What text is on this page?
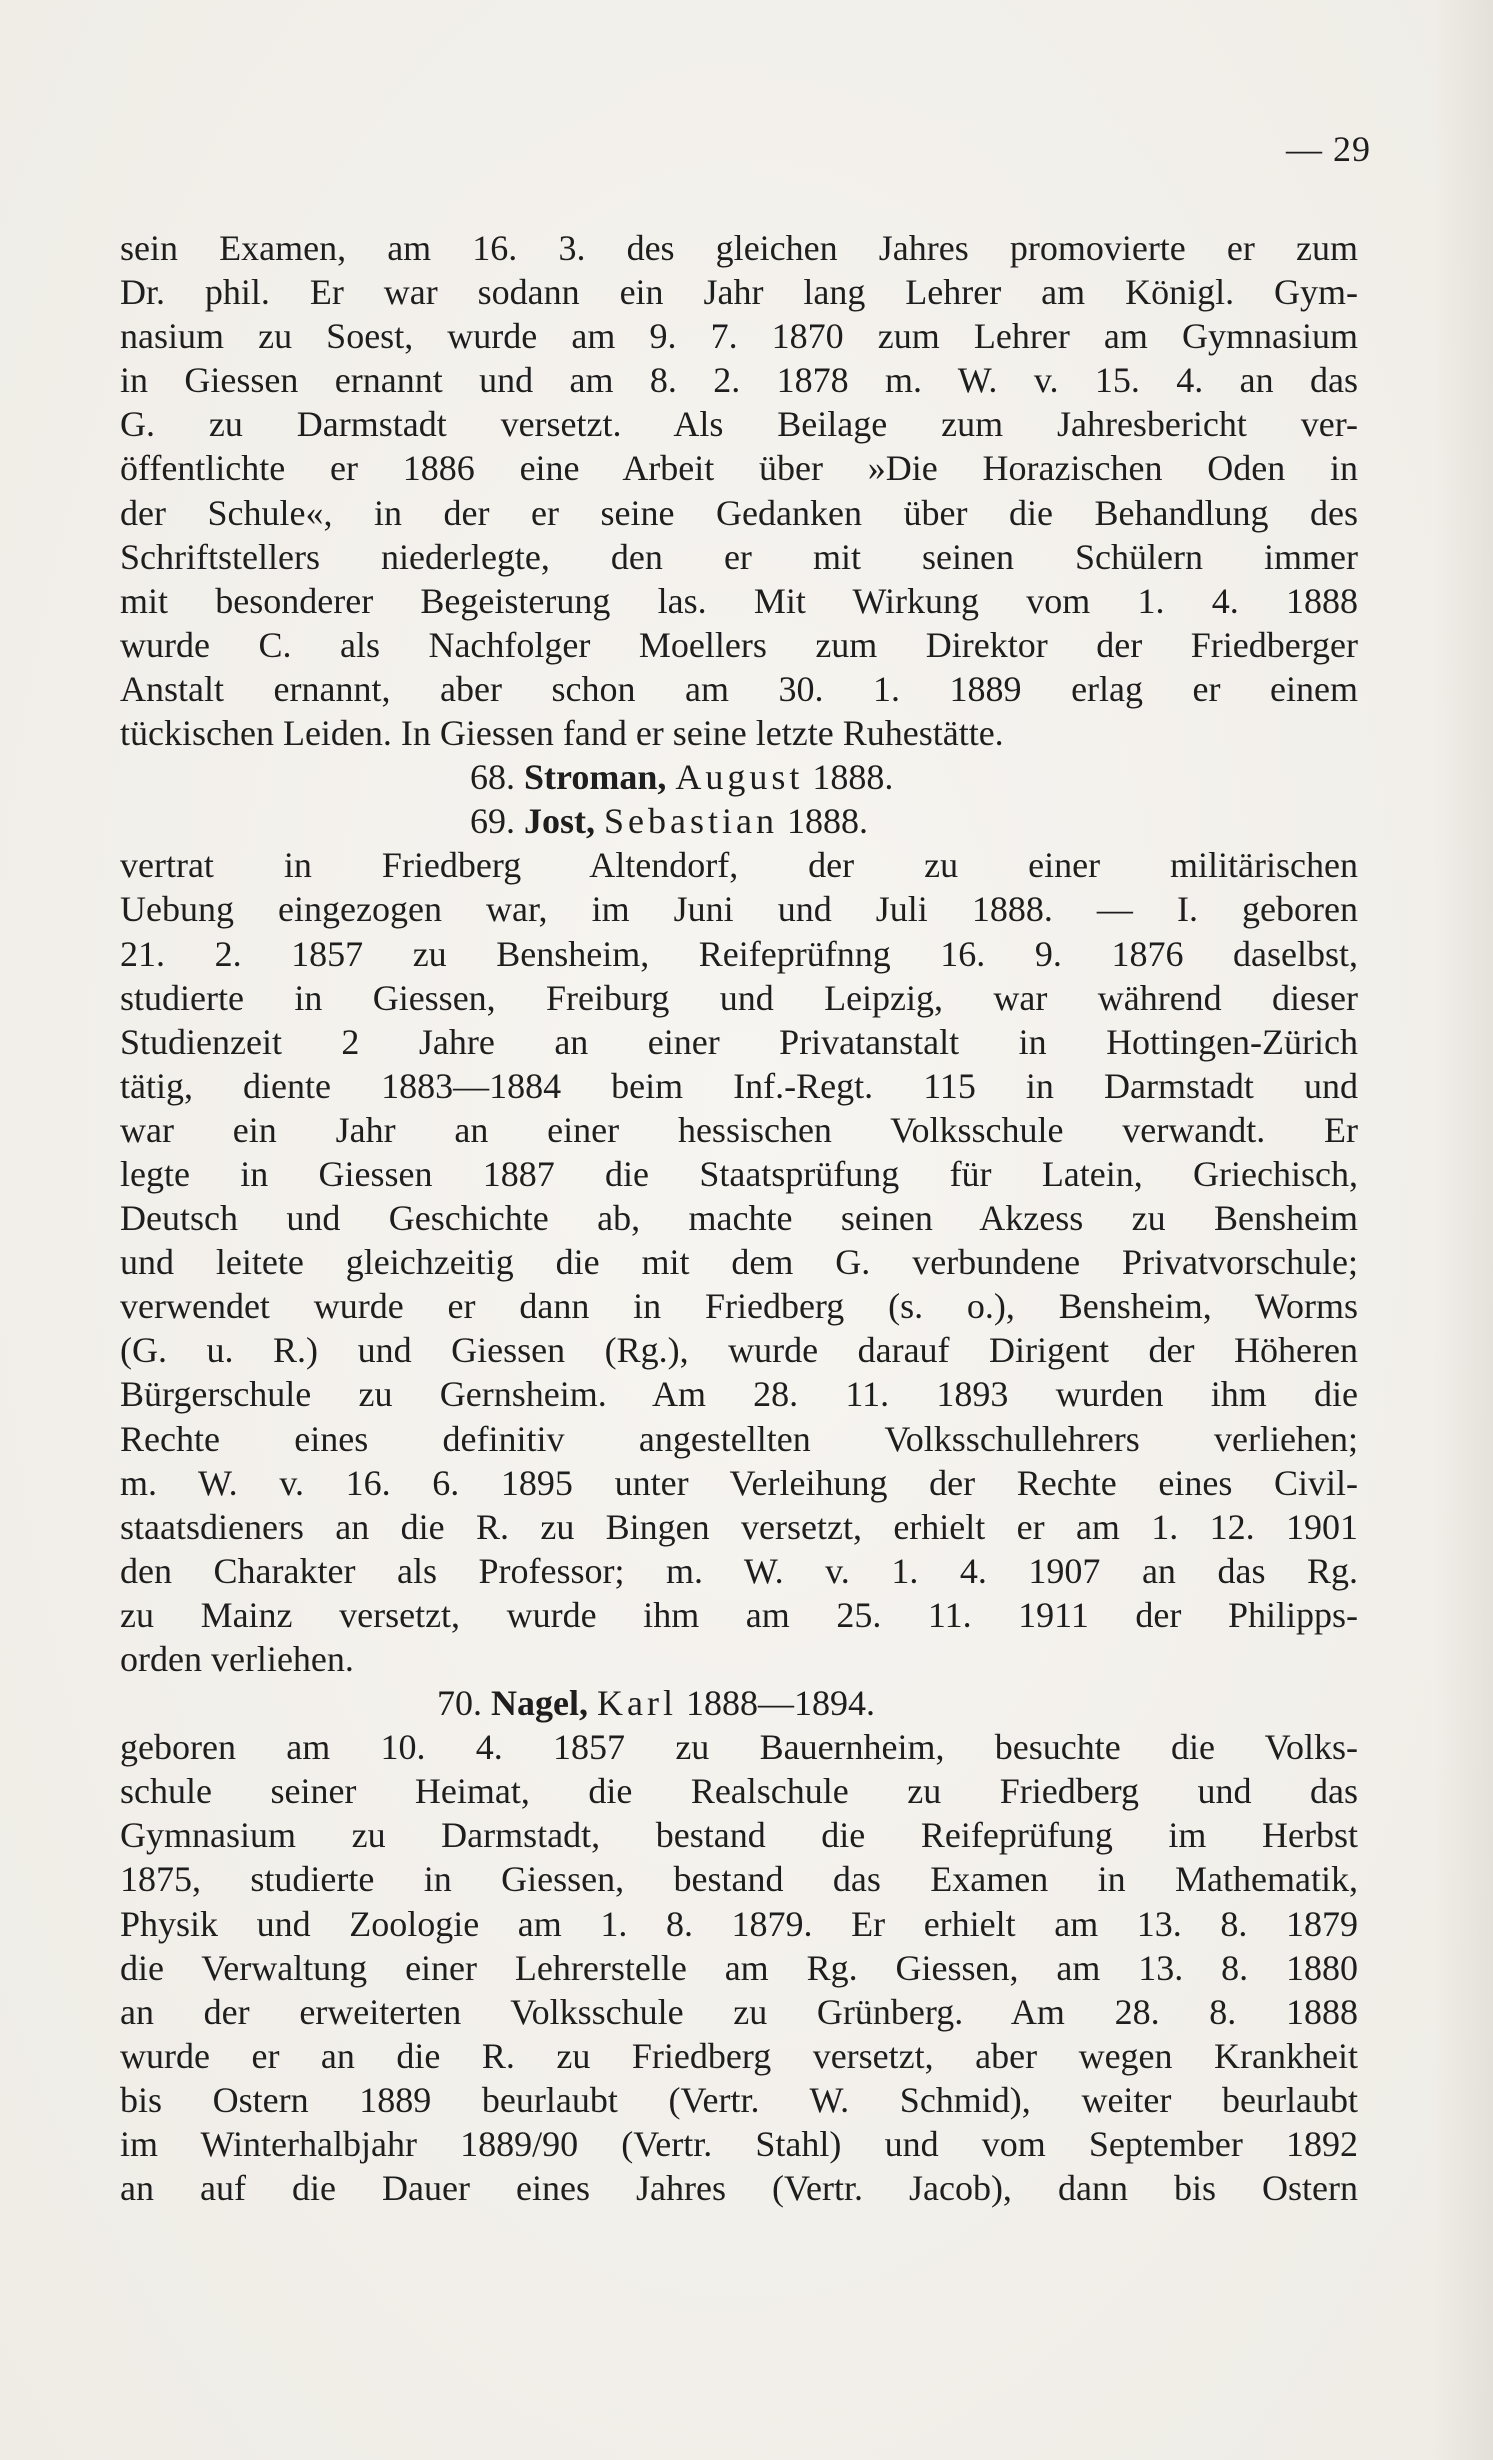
— 29
sein Examen, am 16. 3. des gleichen Jahres promovierte er zum
Dr. phil. Er war sodann ein Jahr lang Lehrer am Königl. Gym-
nasium zu Soest, wurde am 9. 7. 1870 zum Lehrer am Gymnasium
in Giessen ernannt und am 8. 2. 1878 m. W. v. 15. 4. an das
G. zu Darmstadt versetzt. Als Beilage zum Jahresbericht ver-
öffentlichte er 1886 eine Arbeit über »Die Horazischen Oden in
der Schule«, in der er seine Gedanken über die Behandlung des
Schriftstellers niederlegte, den er mit seinen Schülern immer
mit besonderer Begeisterung las. Mit Wirkung vom 1. 4. 1888
wurde C. als Nachfolger Moellers zum Direktor der Friedberger
Anstalt ernannt, aber schon am 30. 1. 1889 erlag er einem
tückischen Leiden. In Giessen fand er seine letzte Ruhestätte.
68. Stroman, August 1888.
69. Jost, Sebastian 1888.
vertrat in Friedberg Altendorf, der zu einer militärischen
Uebung eingezogen war, im Juni und Juli 1888. — I. geboren
21. 2. 1857 zu Bensheim, Reifeprüfnng 16. 9. 1876 daselbst,
studierte in Giessen, Freiburg und Leipzig, war während dieser
Studienzeit 2 Jahre an einer Privatanstalt in Hottingen-Zürich
tätig, diente 1883—1884 beim Inf.-Regt. 115 in Darmstadt und
war ein Jahr an einer hessischen Volksschule verwandt. Er
legte in Giessen 1887 die Staatsprüfung für Latein, Griechisch,
Deutsch und Geschichte ab, machte seinen Akzess zu Bensheim
und leitete gleichzeitig die mit dem G. verbundene Privatvorschule;
verwendet wurde er dann in Friedberg (s. o.), Bensheim, Worms
(G. u. R.) und Giessen (Rg.), wurde darauf Dirigent der Höheren
Bürgerschule zu Gernsheim. Am 28. 11. 1893 wurden ihm die
Rechte eines definitiv angestellten Volksschullehrers verliehen;
m. W. v. 16. 6. 1895 unter Verleihung der Rechte eines Civil-
staatsdieners an die R. zu Bingen versetzt, erhielt er am 1. 12. 1901
den Charakter als Professor; m. W. v. 1. 4. 1907 an das Rg.
zu Mainz versetzt, wurde ihm am 25. 11. 1911 der Philipps-
orden verliehen.
70. Nagel, Karl 1888—1894.
geboren am 10. 4. 1857 zu Bauernheim, besuchte die Volks-
schule seiner Heimat, die Realschule zu Friedberg und das
Gymnasium zu Darmstadt, bestand die Reifeprüfung im Herbst
1875, studierte in Giessen, bestand das Examen in Mathematik,
Physik und Zoologie am 1. 8. 1879. Er erhielt am 13. 8. 1879
die Verwaltung einer Lehrerstelle am Rg. Giessen, am 13. 8. 1880
an der erweiterten Volksschule zu Grünberg. Am 28. 8. 1888
wurde er an die R. zu Friedberg versetzt, aber wegen Krankheit
bis Ostern 1889 beurlaubt (Vertr. W. Schmid), weiter beurlaubt
im Winterhalbjahr 1889/90 (Vertr. Stahl) und vom September 1892
an auf die Dauer eines Jahres (Vertr. Jacob), dann bis Ostern
